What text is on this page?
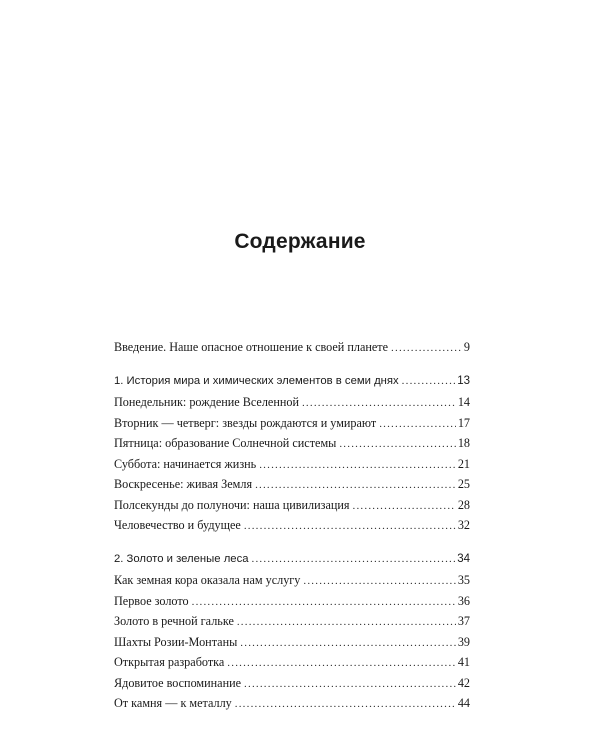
Содержание
Введение. Наше опасное отношение к своей планете .....	9
1. История мира и химических элементов в семи днях .....	13
Понедельник: рождение Вселенной .....	14
Вторник — четверг: звезды рождаются и умирают .....	17
Пятница: образование Солнечной системы .....	18
Суббота: начинается жизнь .....	21
Воскресенье: живая Земля .....	25
Полсекунды до полуночи: наша цивилизация .....	28
Человечество и будущее .....	32
2. Золото и зеленые леса .....	34
Как земная кора оказала нам услугу .....	35
Первое золото .....	36
Золото в речной гальке .....	37
Шахты Розии-Монтаны .....	39
Открытая разработка .....	41
Ядовитое воспоминание .....	42
От камня — к металлу .....	44
